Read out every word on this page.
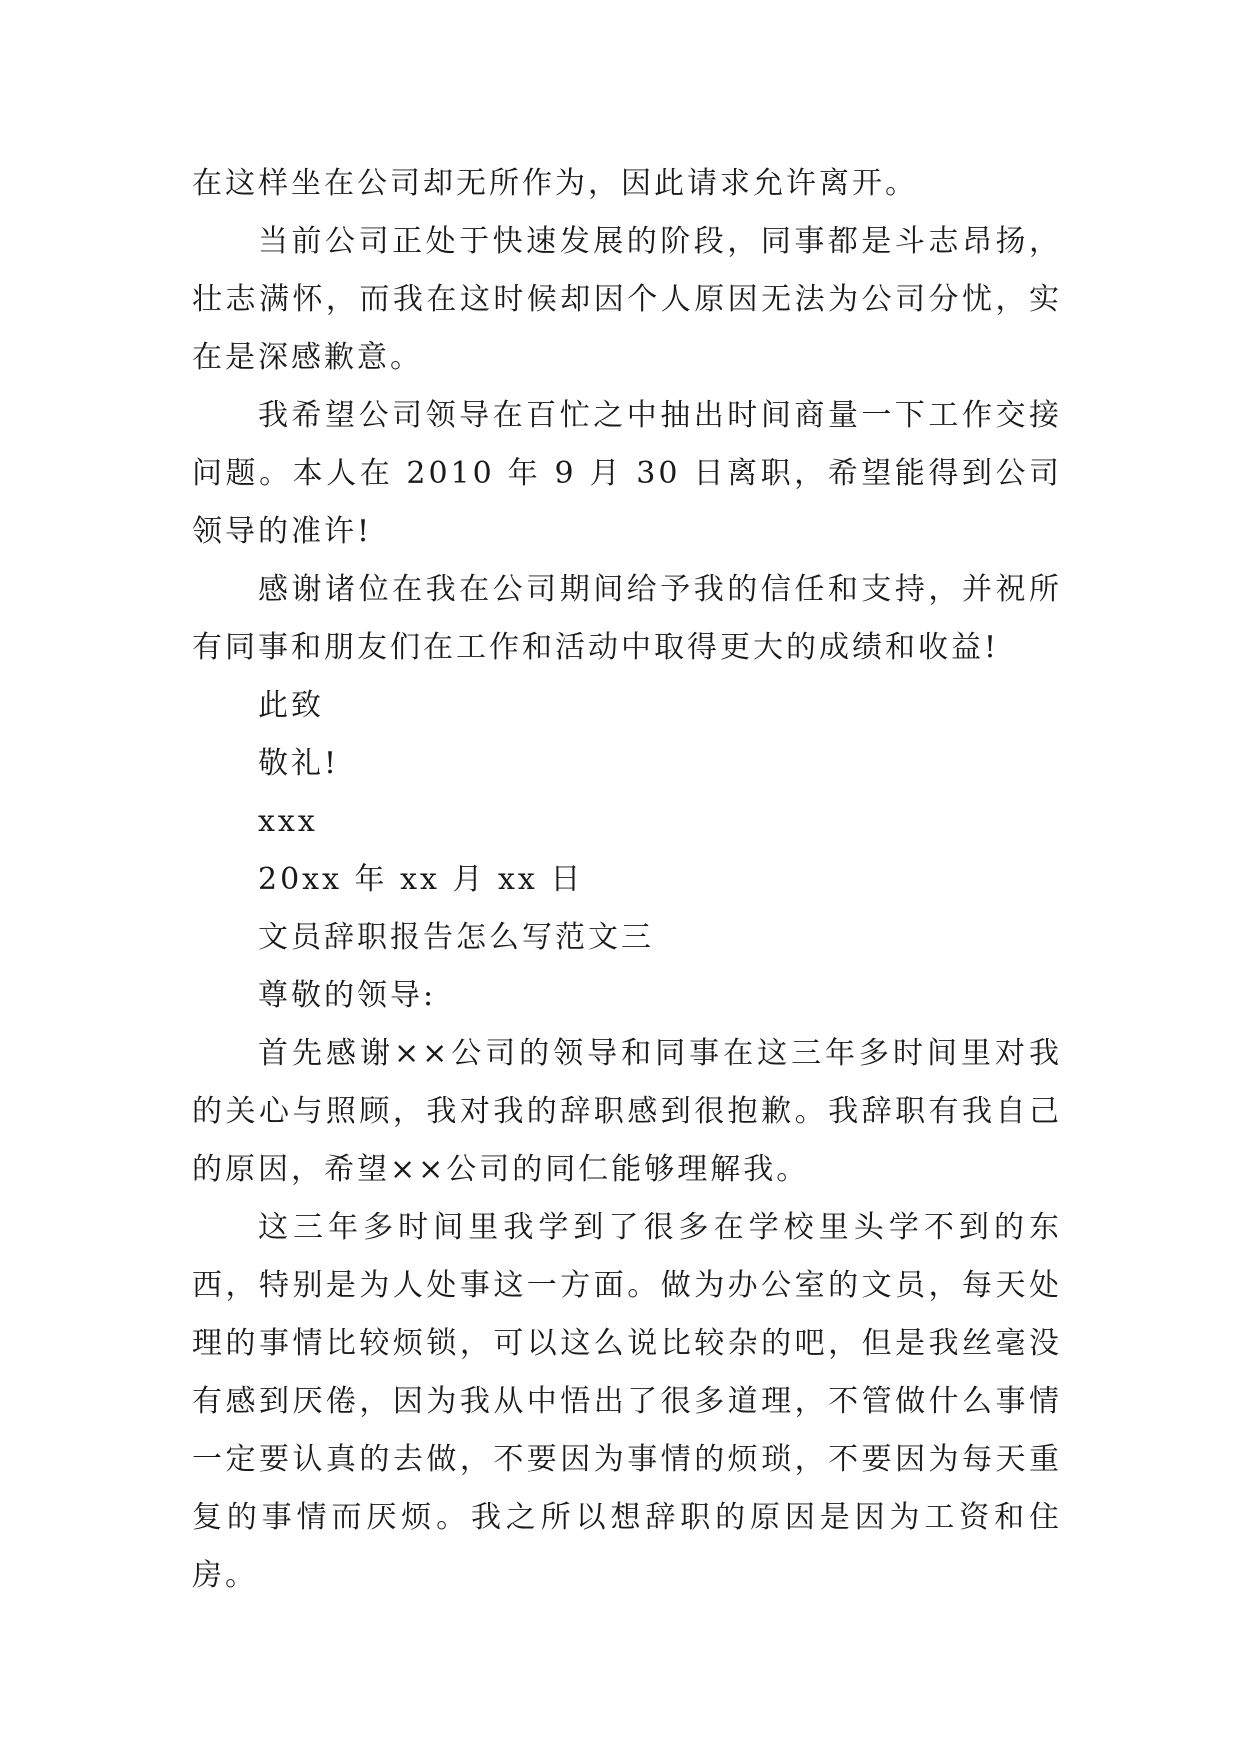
在这样坐在公司却无所作为，因此请求允许离开。

当前公司正处于快速发展的阶段，同事都是斗志昂扬，壮志满怀，而我在这时候却因个人原因无法为公司分忧，实在是深感歉意。

我希望公司领导在百忙之中抽出时间商量一下工作交接问题。本人在 2010 年 9 月 30 日离职，希望能得到公司领导的准许!

感谢诸位在我在公司期间给予我的信任和支持，并祝所有同事和朋友们在工作和活动中取得更大的成绩和收益!

此致

敬礼!

xxx

20xx 年 xx 月 xx 日

文员辞职报告怎么写范文三

尊敬的领导:

首先感谢××公司的领导和同事在这三年多时间里对我的关心与照顾，我对我的辞职感到很抱歉。我辞职有我自己的原因，希望××公司的同仁能够理解我。

这三年多时间里我学到了很多在学校里头学不到的东西，特别是为人处事这一方面。做为办公室的文员，每天处理的事情比较烦锁，可以这么说比较杂的吧，但是我丝毫没有感到厌倦，因为我从中悟出了很多道理，不管做什么事情一定要认真的去做，不要因为事情的烦琐，不要因为每天重复的事情而厌烦。我之所以想辞职的原因是因为工资和住房。
